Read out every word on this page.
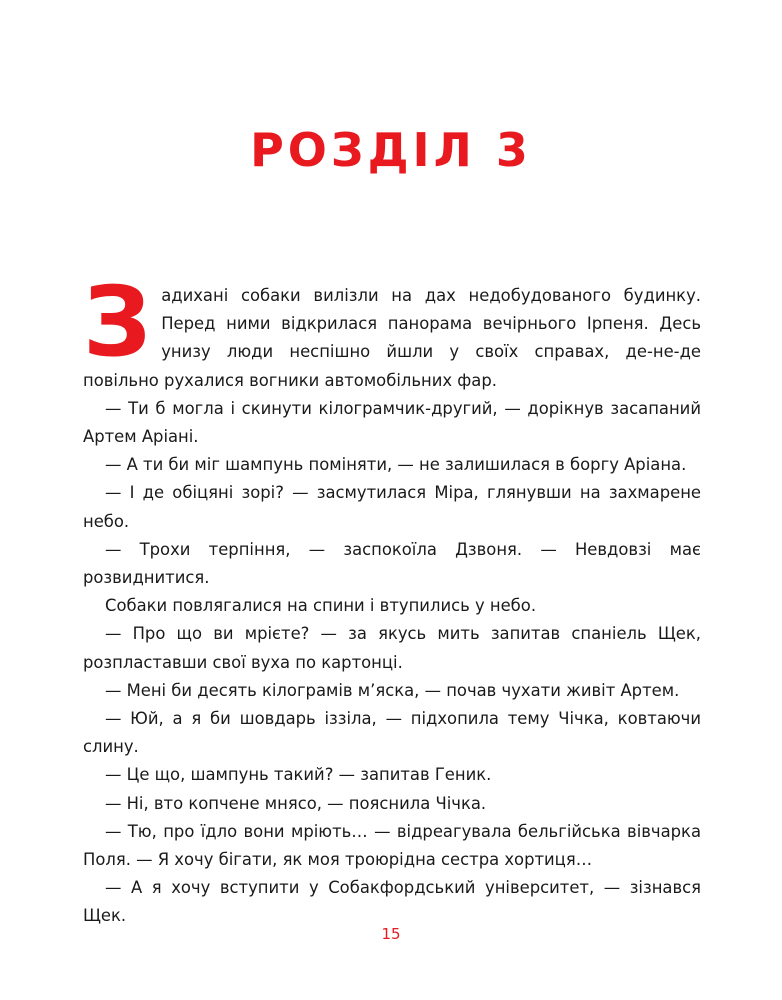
РОЗДІЛ 3

Задихані собаки вилізли на дах недобудованого будинку. Перед ними відкрилася панорама вечірнього Ірпеня. Десь унизу люди неспішно йшли у своїх справах, де-не-де повільно рухалися вогники автомобільних фар.

— Ти б могла і скинути кілограмчик-другий, — дорікнув засапаний Артем Аріані.

— А ти би міг шампунь поміняти, — не залишилася в боргу Аріана.

— І де обіцяні зорі? — засмутилася Міра, глянувши на захмарене небо.

— Трохи терпіння, — заспокоїла Дзвоня. — Невдовзі має розвиднитися.

Собаки повлягалися на спини і втупились у небо.

— Про що ви мрієте? — за якусь мить запитав спаніель Щек, розпластавши свої вуха по картонці.

— Мені би десять кілограмів м’яска, — почав чухати живіт Артем.

— Юй, а я би шовдарь іззіла, — підхопила тему Чічка, ковтаючи слину.

— Це що, шампунь такий? — запитав Геник.

— Ні, вто копчене мнясо, — пояснила Чічка.

— Тю, про їдло вони мріють… — відреагувала бельгійська вівчарка Поля. — Я хочу бігати, як моя троюрідна сестра хортиця…

— А я хочу вступити у Собакфордський університет, — зізнався Щек.

15
